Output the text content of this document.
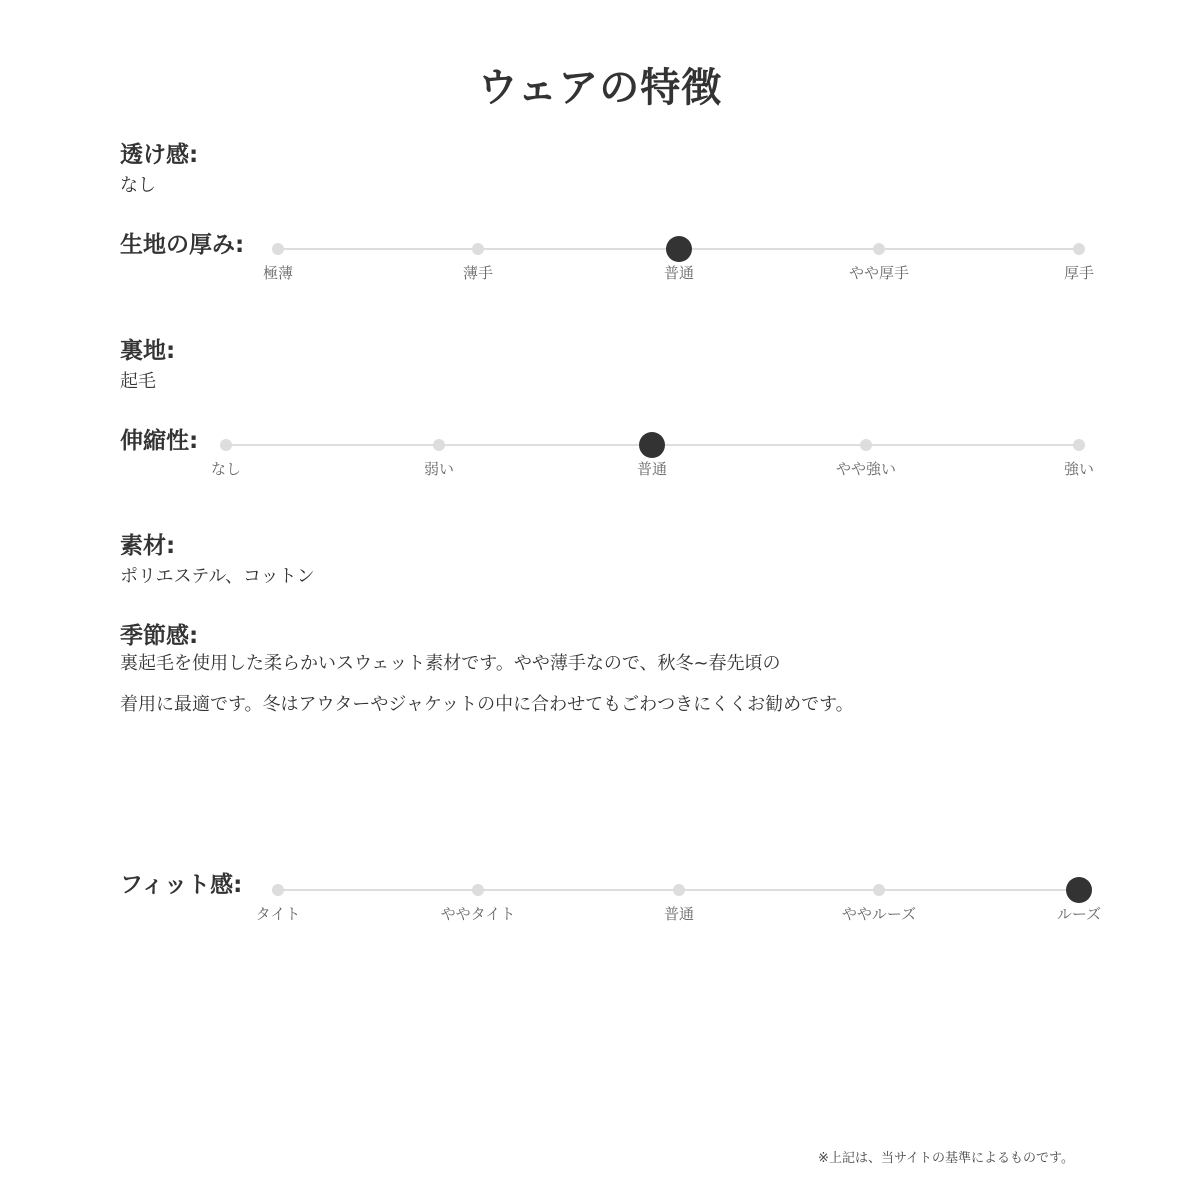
ウェアの特徴
透け感:
なし
生地の厚み:
極薄	薄手	普通	やや厚手	厚手
裏地:
起毛
伸縮性:
なし	弱い	普通	やや強い	強い
素材:
ポリエステル、コットン
季節感:
裏起毛を使用した柔らかいスウェット素材です。やや薄手なので、秋冬~春先頃の
着用に最適です。冬はアウターやジャケットの中に合わせてもごわつきにくくお勧めです。
フィット感:
タイト	ややタイト	普通	ややルーズ	ルーズ
※上記は、当サイトの基準によるものです。
